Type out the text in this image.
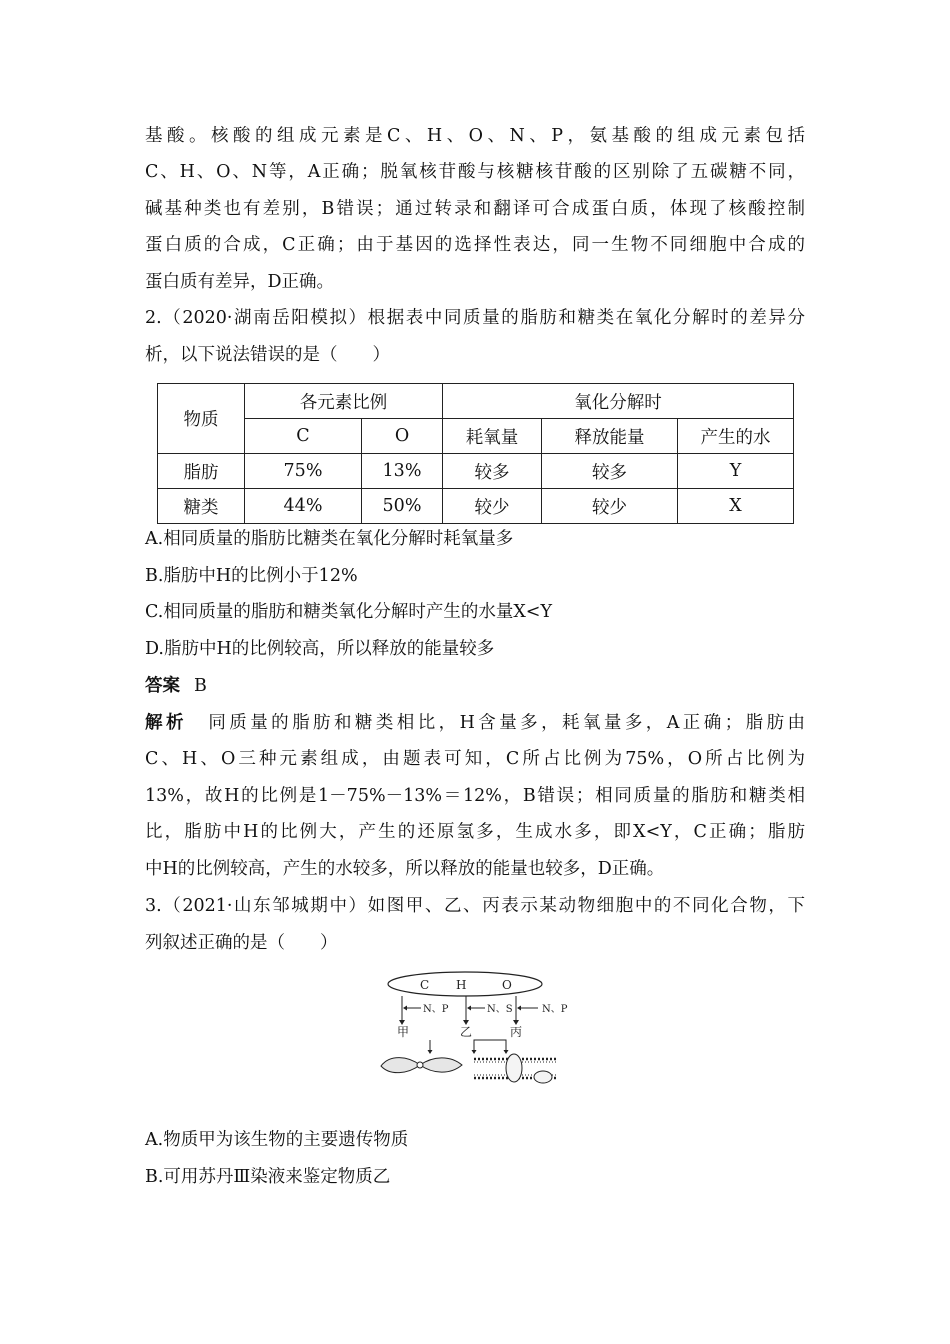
基酸。核酸的组成元素是C、H、O、N、P，氨基酸的组成元素包括
C、H、O、N等，A正确；脱氧核苷酸与核糖核苷酸的区别除了五碳糖不同，
碱基种类也有差别，B错误；通过转录和翻译可合成蛋白质，体现了核酸控制
蛋白质的合成，C正确；由于基因的选择性表达，同一生物不同细胞中合成的
蛋白质有差异，D正确。
2.（2020·湖南岳阳模拟）根据表中同质量的脂肪和糖类在氧化分解时的差异分
析，以下说法错误的是（　　）
物质	各元素比例		氧化分解时		
	C	O	耗氧量	释放能量	产生的水
脂肪	75%	13%	较多	较多	Y
糖类	44%	50%	较少	较少	X
A.相同质量的脂肪比糖类在氧化分解时耗氧量多
B.脂肪中H的比例小于12%
C.相同质量的脂肪和糖类氧化分解时产生的水量X<Y
D.脂肪中H的比例较高，所以释放的能量较多
答案 B
解析 同质量的脂肪和糖类相比，H含量多，耗氧量多，A正确；脂肪由
C、H、O三种元素组成，由题表可知，C所占比例为75%，O所占比例为
13%，故H的比例是1－75%－13%＝12%，B错误；相同质量的脂肪和糖类相
比，脂肪中H的比例大，产生的还原氢多，生成水多，即X<Y，C正确；脂肪
中H的比例较高，产生的水较多，所以释放的能量也较多，D正确。
3.（2021·山东邹城期中）如图甲、乙、丙表示某动物细胞中的不同化合物，下
列叙述正确的是（　　）
C H	O
N、P	N、S	N、P
甲	乙	丙
A.物质甲为该生物的主要遗传物质
B.可用苏丹Ⅲ染液来鉴定物质乙
